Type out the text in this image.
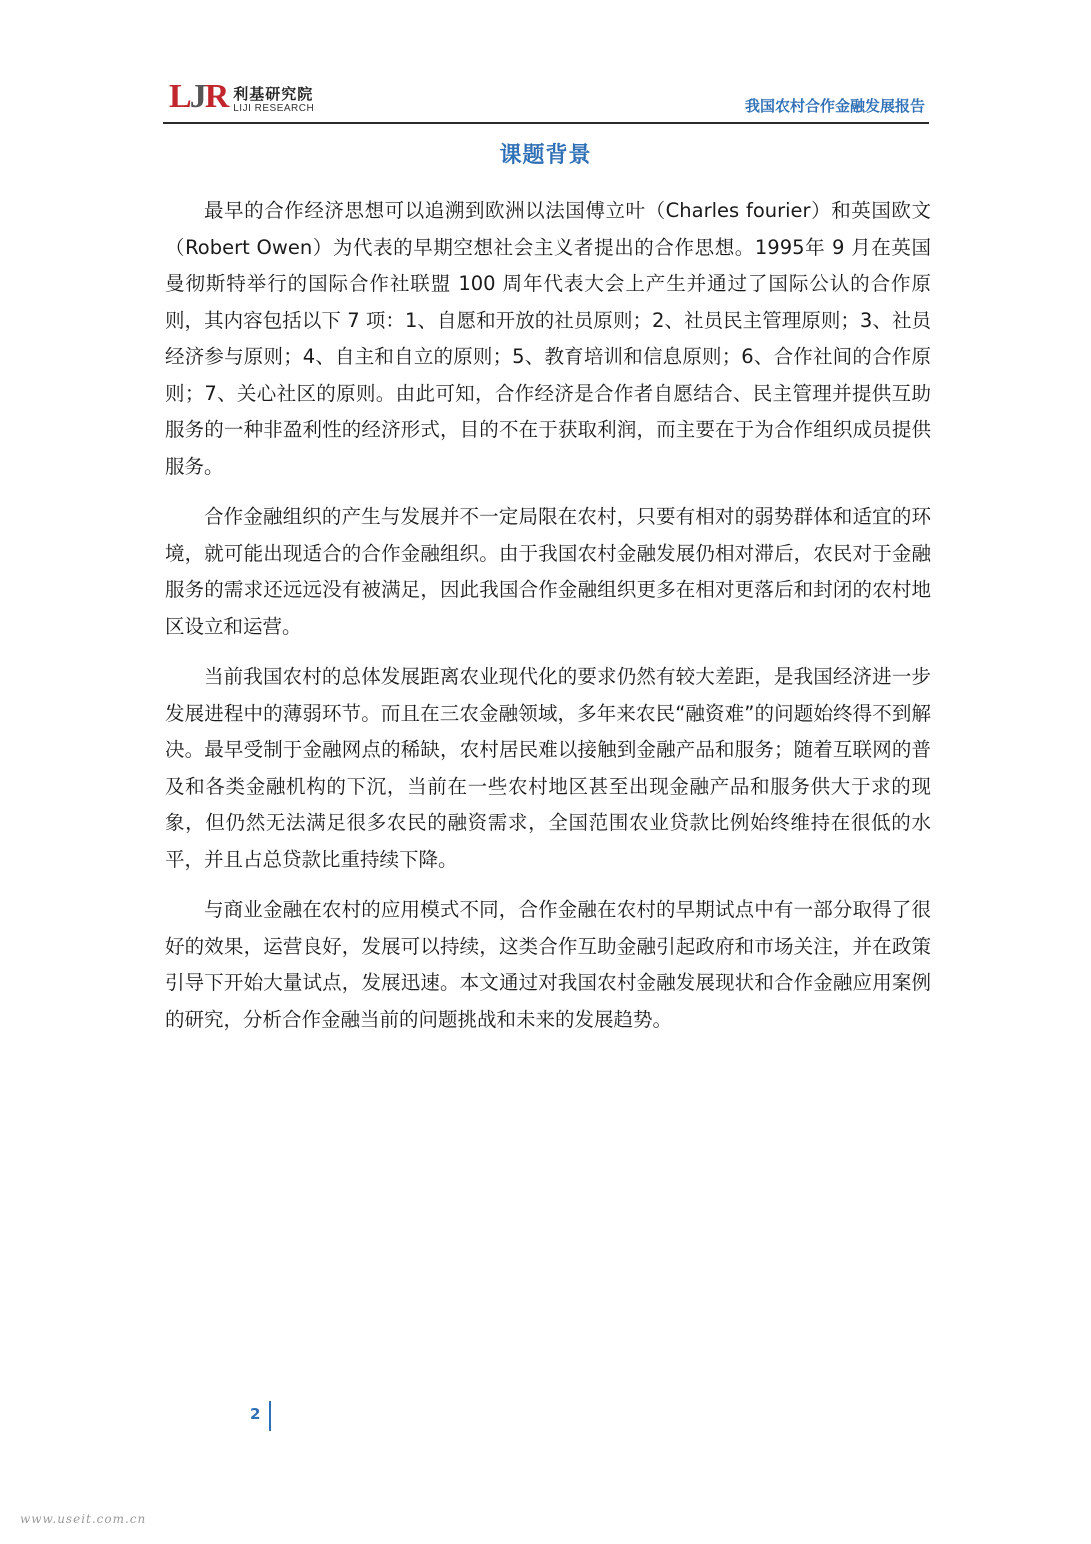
LJR 利基研究院
LIJI RESEARCH	我国农村合作金融发展报告
课题背景

最早的合作经济思想可以追溯到欧洲以法国傅立叶（Charles fourier）和英国欧文（Robert Owen）为代表的早期空想社会主义者提出的合作思想。1995年 9 月在英国曼彻斯特举行的国际合作社联盟 100 周年代表大会上产生并通过了国际公认的合作原则，其内容包括以下 7 项：1、自愿和开放的社员原则；2、社员民主管理原则；3、社员经济参与原则；4、自主和自立的原则；5、教育培训和信息原则；6、合作社间的合作原则；7、关心社区的原则。由此可知，合作经济是合作者自愿结合、民主管理并提供互助服务的一种非盈利性的经济形式，目的不在于获取利润，而主要在于为合作组织成员提供服务。

合作金融组织的产生与发展并不一定局限在农村，只要有相对的弱势群体和适宜的环境，就可能出现适合的合作金融组织。由于我国农村金融发展仍相对滞后，农民对于金融服务的需求还远远没有被满足，因此我国合作金融组织更多在相对更落后和封闭的农村地区设立和运营。

当前我国农村的总体发展距离农业现代化的要求仍然有较大差距，是我国经济进一步发展进程中的薄弱环节。而且在三农金融领域，多年来农民“融资难”的问题始终得不到解决。最早受制于金融网点的稀缺，农村居民难以接触到金融产品和服务；随着互联网的普及和各类金融机构的下沉，当前在一些农村地区甚至出现金融产品和服务供大于求的现象，但仍然无法满足很多农民的融资需求，全国范围农业贷款比例始终维持在很低的水平，并且占总贷款比重持续下降。

与商业金融在农村的应用模式不同，合作金融在农村的早期试点中有一部分取得了很好的效果，运营良好，发展可以持续，这类合作互助金融引起政府和市场关注，并在政策引导下开始大量试点，发展迅速。本文通过对我国农村金融发展现状和合作金融应用案例的研究，分析合作金融当前的问题挑战和未来的发展趋势。

2
www.useit.com.cn
